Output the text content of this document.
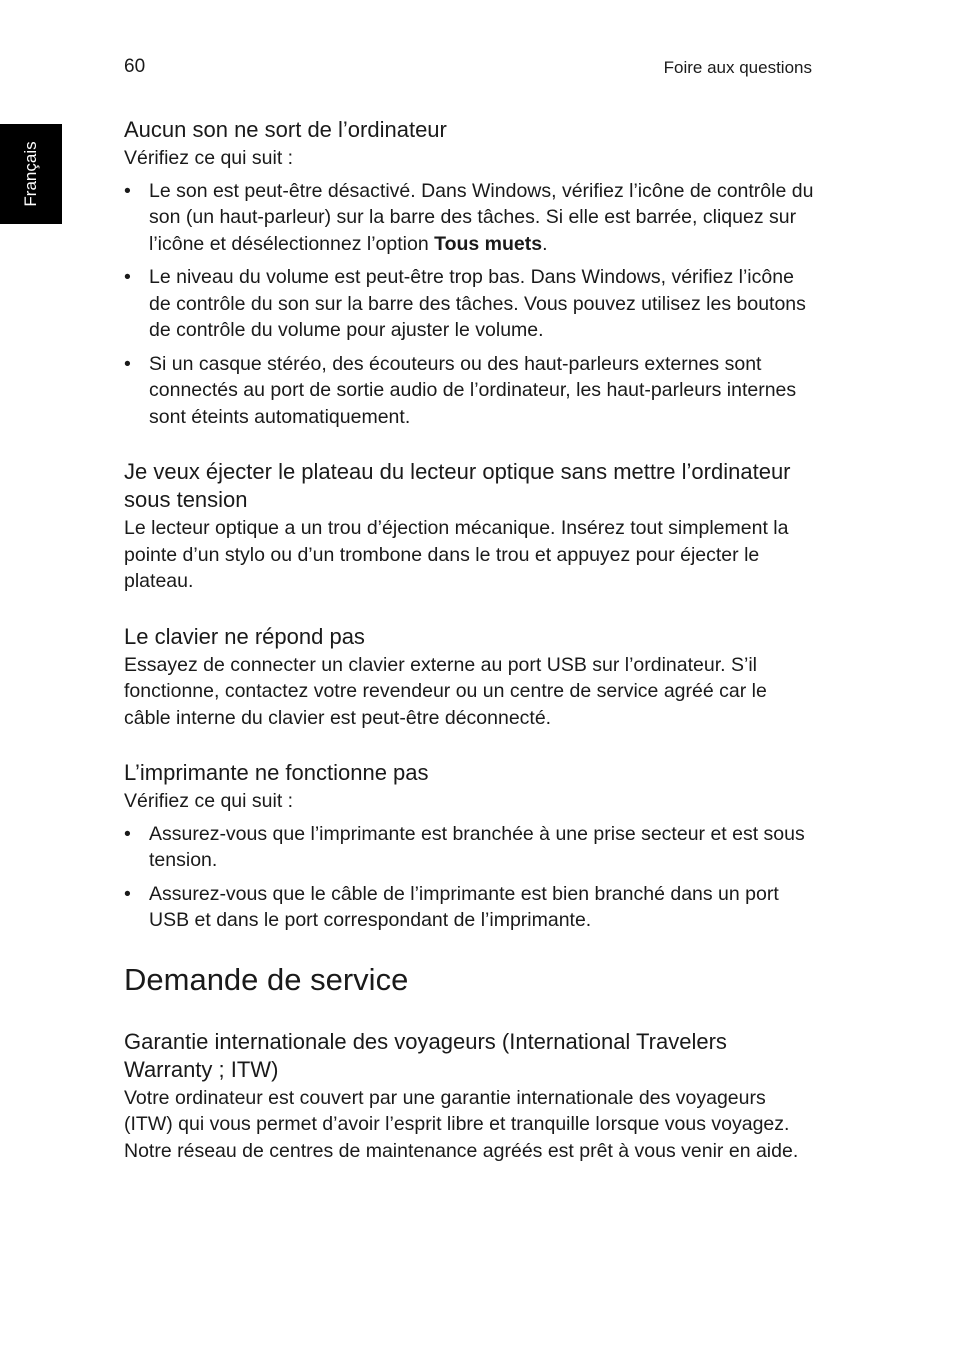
60	Foire aux questions
Français
Aucun son ne sort de l’ordinateur

Vérifiez ce qui suit :

• Le son est peut-être désactivé. Dans Windows, vérifiez l’icône de contrôle du son (un haut-parleur) sur la barre des tâches. Si elle est barrée, cliquez sur l’icône et désélectionnez l’option Tous muets.
• Le niveau du volume est peut-être trop bas. Dans Windows, vérifiez l’icône de contrôle du son sur la barre des tâches. Vous pouvez utilisez les boutons de contrôle du volume pour ajuster le volume.
• Si un casque stéréo, des écouteurs ou des haut-parleurs externes sont connectés au port de sortie audio de l’ordinateur, les haut-parleurs internes sont éteints automatiquement.
Je veux éjecter le plateau du lecteur optique sans mettre l’ordinateur sous tension

Le lecteur optique a un trou d’éjection mécanique. Insérez tout simplement la pointe d’un stylo ou d’un trombone dans le trou et appuyez pour éjecter le plateau.

Le clavier ne répond pas

Essayez de connecter un clavier externe au port USB sur l’ordinateur. S’il fonctionne, contactez votre revendeur ou un centre de service agréé car le câble interne du clavier est peut-être déconnecté.

L’imprimante ne fonctionne pas

Vérifiez ce qui suit :

• Assurez-vous que l’imprimante est branchée à une prise secteur et est sous tension.
• Assurez-vous que le câble de l’imprimante est bien branché dans un port USB et dans le port correspondant de l’imprimante.
Demande de service
Garantie internationale des voyageurs (International Travelers Warranty ; ITW)

Votre ordinateur est couvert par une garantie internationale des voyageurs (ITW) qui vous permet d’avoir l’esprit libre et tranquille lorsque vous voyagez. Notre réseau de centres de maintenance agréés est prêt à vous venir en aide.
